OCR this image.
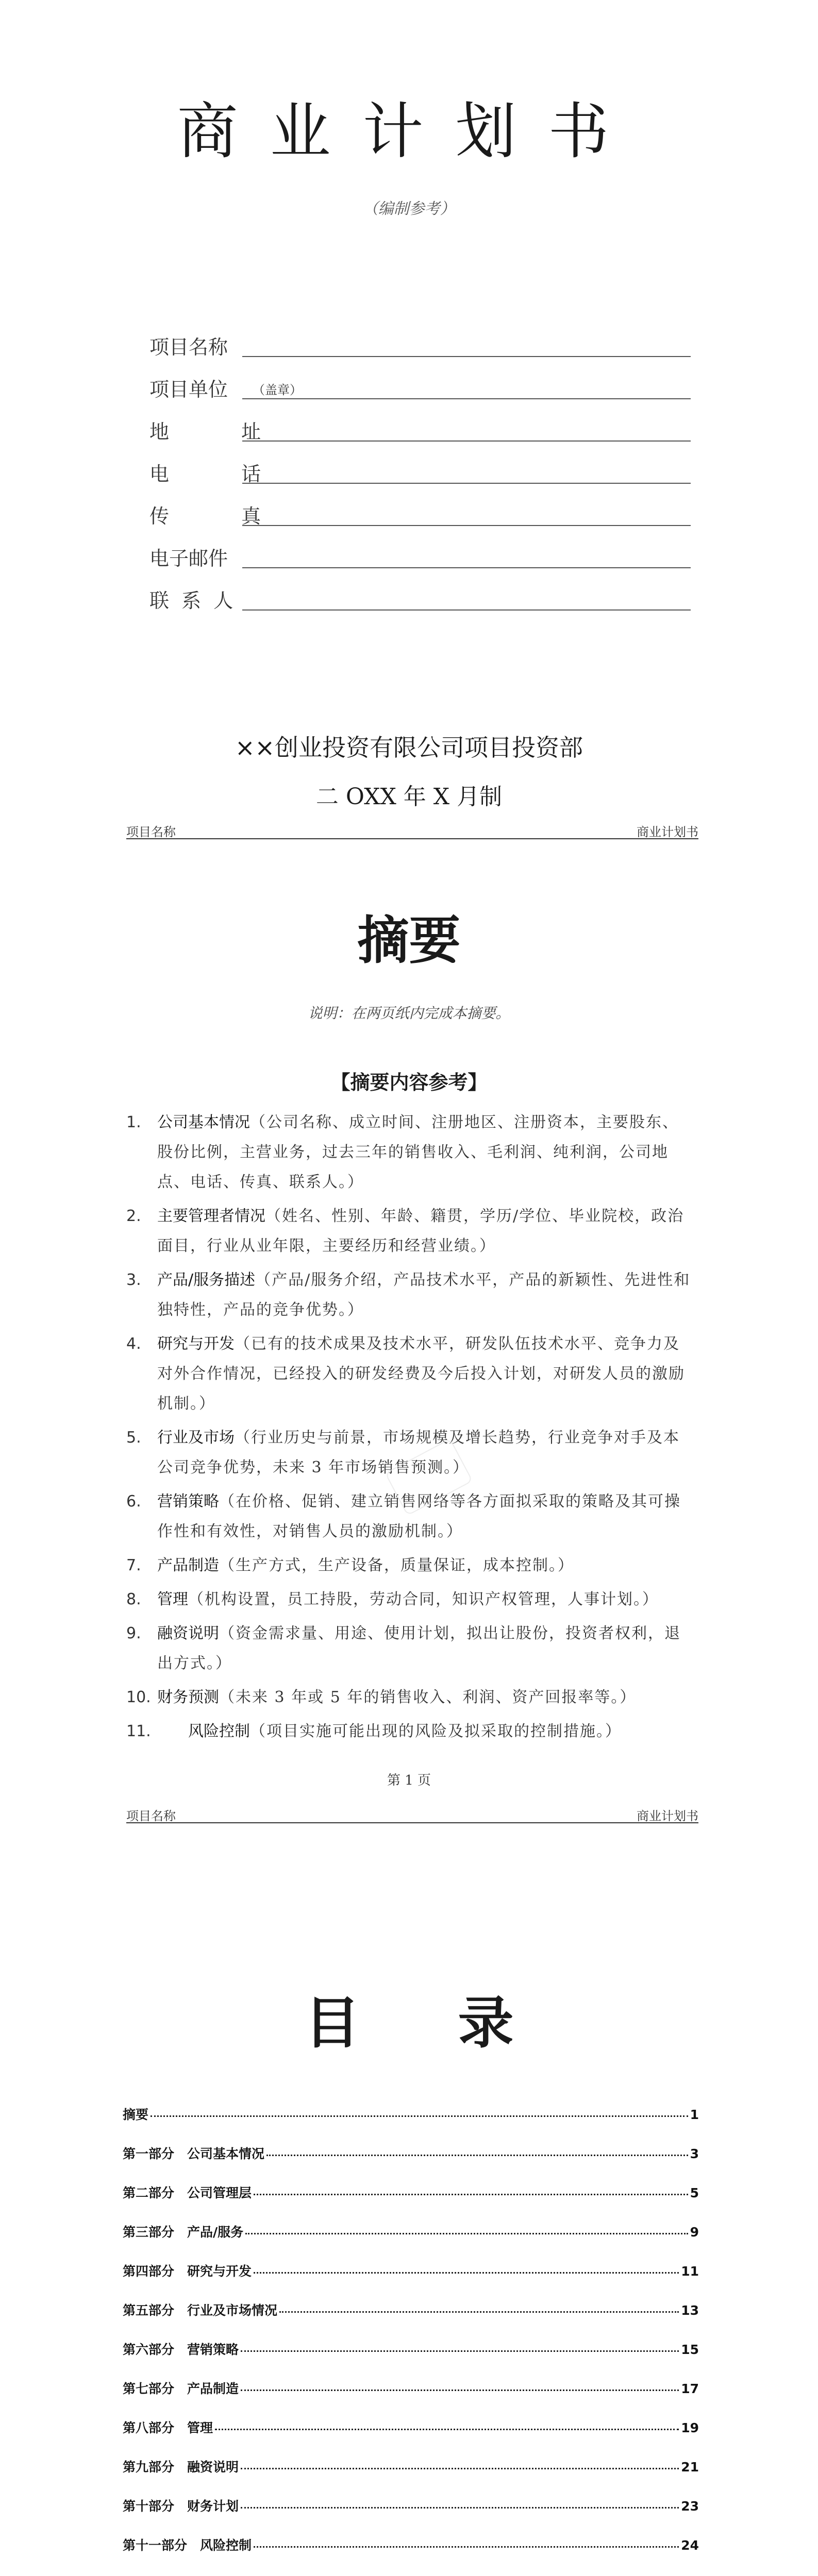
商业计划书
（编制参考）
项目名称
项目单位	（盖章）
地 址
电 话
传 真
电子邮件
联 系 人
××创业投资有限公司项目投资部
二 OXX 年 X 月制
项目名称	商业计划书
摘要
说明：在两页纸内完成本摘要。
【摘要内容参考】
1. 公司基本情况（公司名称、成立时间、注册地区、注册资本，主要股东、股份比例，主营业务，过去三年的销售收入、毛利润、纯利润，公司地点、电话、传真、联系人。）
2. 主要管理者情况（姓名、性别、年龄、籍贯，学历/学位、毕业院校，政治面目，行业从业年限，主要经历和经营业绩。）
3. 产品/服务描述（产品/服务介绍，产品技术水平，产品的新颖性、先进性和独特性，产品的竞争优势。）
4. 研究与开发（已有的技术成果及技术水平，研发队伍技术水平、竞争力及对外合作情况，已经投入的研发经费及今后投入计划，对研发人员的激励机制。）
5. 行业及市场（行业历史与前景，市场规模及增长趋势，行业竞争对手及本公司竞争优势，未来 3 年市场销售预测。）
6. 营销策略（在价格、促销、建立销售网络等各方面拟采取的策略及其可操作性和有效性，对销售人员的激励机制。）
7. 产品制造（生产方式，生产设备，质量保证，成本控制。）
8. 管理（机构设置，员工持股，劳动合同，知识产权管理，人事计划。）
9. 融资说明（资金需求量、用途、使用计划，拟出让股份，投资者权利，退出方式。）
10. 财务预测（未来 3 年或 5 年的销售收入、利润、资产回报率等。）
11. 风险控制（项目实施可能出现的风险及拟采取的控制措施。）
第 1 页
项目名称	商业计划书
目录
摘要	1
第一部分　公司基本情况	3
第二部分　公司管理层	5
第三部分　产品/服务	9
第四部分　研究与开发	11
第五部分　行业及市场情况	13
第六部分　营销策略	15
第七部分　产品制造	17
第八部分　管理	19
第九部分　融资说明	21
第十部分　财务计划	23
第十一部分　风险控制	24
